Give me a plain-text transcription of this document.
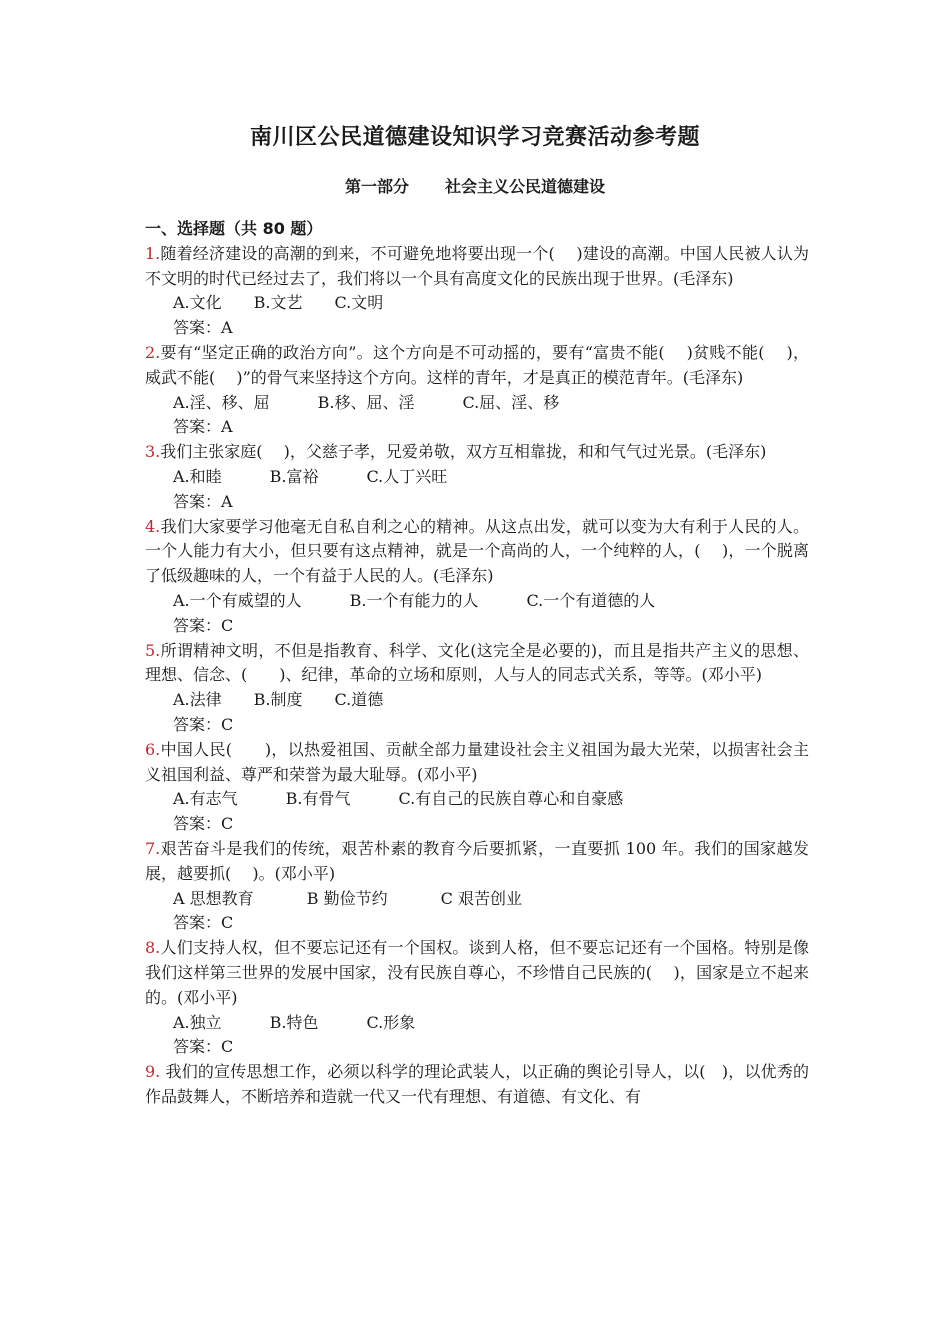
南川区公民道德建设知识学习竞赛活动参考题
第一部分 社会主义公民道德建设
一、选择题（共 80 题）
1.随着经济建设的高潮的到来，不可避免地将要出现一个(　 )建设的高潮。中国人民被人认为不文明的时代已经过去了，我们将以一个具有高度文化的民族出现于世界。(毛泽东)
A.文化　　B.文艺　　C.文明
答案：A
2.要有“坚定正确的政治方向”。这个方向是不可动摇的，要有“富贵不能(　 )贫贱不能(　 )，威武不能(　 )”的骨气来坚持这个方向。这样的青年，才是真正的模范青年。(毛泽东)
A.淫、移、屈　　　B.移、屈、淫　　　C.屈、淫、移
答案：A
3.我们主张家庭(　 )，父慈子孝，兄爱弟敬，双方互相靠拢，和和气气过光景。(毛泽东)
A.和睦　　　B.富裕　　　C.人丁兴旺
答案：A
4.我们大家要学习他毫无自私自利之心的精神。从这点出发，就可以变为大有利于人民的人。一个人能力有大小，但只要有这点精神，就是一个高尚的人，一个纯粹的人，(　 )，一个脱离了低级趣味的人，一个有益于人民的人。(毛泽东)
A.一个有威望的人　　　B.一个有能力的人　　　C.一个有道德的人
答案：C
5.所谓精神文明，不但是指教育、科学、文化(这完全是必要的)，而且是指共产主义的思想、理想、信念、(　　)、纪律，革命的立场和原则，人与人的同志式关系，等等。(邓小平)
A.法律　　B.制度　　C.道德
答案：C
6.中国人民(　　)，以热爱祖国、贡献全部力量建设社会主义祖国为最大光荣，以损害社会主义祖国利益、尊严和荣誉为最大耻辱。(邓小平)
A.有志气　　　B.有骨气　　　C.有自己的民族自尊心和自豪感
答案：C
7.艰苦奋斗是我们的传统，艰苦朴素的教育今后要抓紧，一直要抓 100 年。我们的国家越发展，越要抓(　 )。(邓小平)
A 思想教育　　　 B 勤俭节约　　　 C 艰苦创业
答案：C
8.人们支持人权，但不要忘记还有一个国权。谈到人格，但不要忘记还有一个国格。特别是像我们这样第三世界的发展中国家，没有民族自尊心，不珍惜自己民族的(　 )，国家是立不起来的。(邓小平)
A.独立　　　B.特色　　　C.形象
答案：C
9. 我们的宣传思想工作，必须以科学的理论武装人，以正确的舆论引导人，以(　)，以优秀的作品鼓舞人，不断培养和造就一代又一代有理想、有道德、有文化、有
